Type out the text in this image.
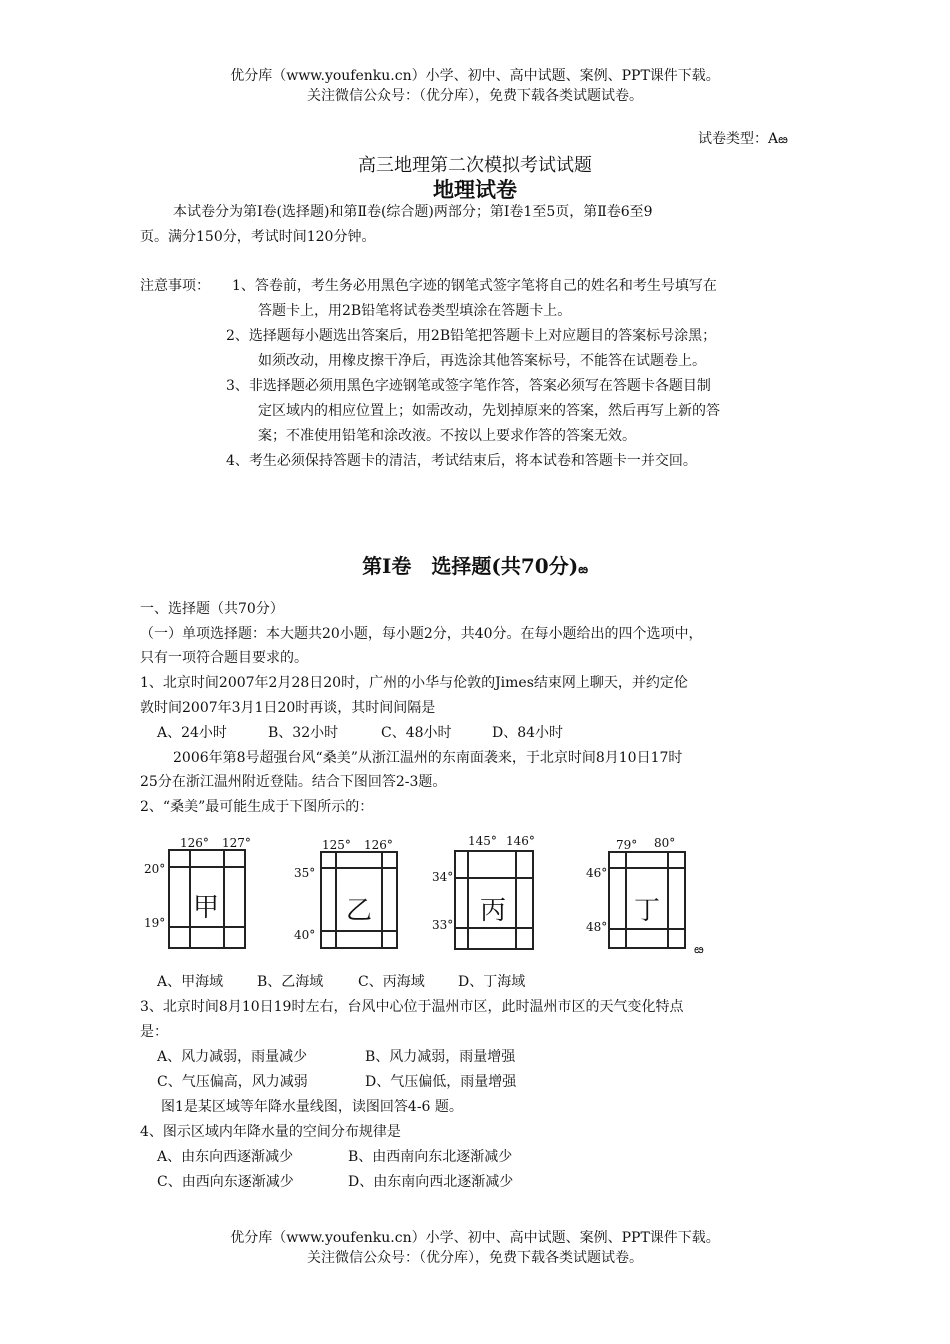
优分库（www.youfenku.cn）小学、初中、高中试题、案例、PPT课件下载。
关注微信公众号：（优分库），免费下载各类试题试卷。
试卷类型：Aఴ
高三地理第二次模拟考试试题
地理试卷
本试卷分为第Ⅰ卷(选择题)和第Ⅱ卷(综合题)两部分；第Ⅰ卷1至5页，第Ⅱ卷6至9
页。满分150分，考试时间120分钟。
注意事项： 1、答卷前，考生务必用黑色字迹的钢笔式签字笔将自己的姓名和考生号填写在
答题卡上，用2B铅笔将试卷类型填涂在答题卡上。
2、选择题每小题选出答案后，用2B铅笔把答题卡上对应题目的答案标号涂黑；
如须改动，用橡皮擦干净后，再选涂其他答案标号，不能答在试题卷上。
3、非选择题必须用黑色字迹钢笔或签字笔作答，答案必须写在答题卡各题目制
定区域内的相应位置上；如需改动，先划掉原来的答案，然后再写上新的答
案；不准使用铅笔和涂改液。不按以上要求作答的答案无效。
4、考生必须保持答题卡的清洁，考试结束后，将本试卷和答题卡一并交回。
第Ⅰ卷　选择题(共70分)ఴ
一、选择题（共70分）
（一）单项选择题：本大题共20小题，每小题2分，共40分。在每小题给出的四个选项中，
只有一项符合题目要求的。
1、北京时间2007年2月28日20时，广州的小华与伦敦的Jimes结束网上聊天，并约定伦
敦时间2007年3月1日20时再谈，其时间间隔是
A、24小时	B、32小时	C、48小时	D、84小时
2006年第8号超强台风“桑美”从浙江温州的东南面袭来，于北京时间8月10日17时
25分在浙江温州附近登陆。结合下图回答2-3题。
2、“桑美”最可能生成于下图所示的：
126° 127°
20°
19° 甲
125° 126°
35°
40°
乙
145° 146°
34°
33° 丙
79° 80°
46°
48°
丁
ఴ
A、甲海域 B、乙海域 C、丙海域 D、丁海域
3、北京时间8月10日19时左右，台风中心位于温州市区，此时温州市区的天气变化特点
是：
A、风力减弱，雨量减少	B、风力减弱，雨量增强
C、气压偏高，风力减弱	D、气压偏低，雨量增强
图1是某区域等年降水量线图，读图回答4-6 题。
4、图示区域内年降水量的空间分布规律是
A、由东向西逐渐减少	B、由西南向东北逐渐减少
C、由西向东逐渐减少	D、由东南向西北逐渐减少
优分库（www.youfenku.cn）小学、初中、高中试题、案例、PPT课件下载。
关注微信公众号：（优分库），免费下载各类试题试卷。
